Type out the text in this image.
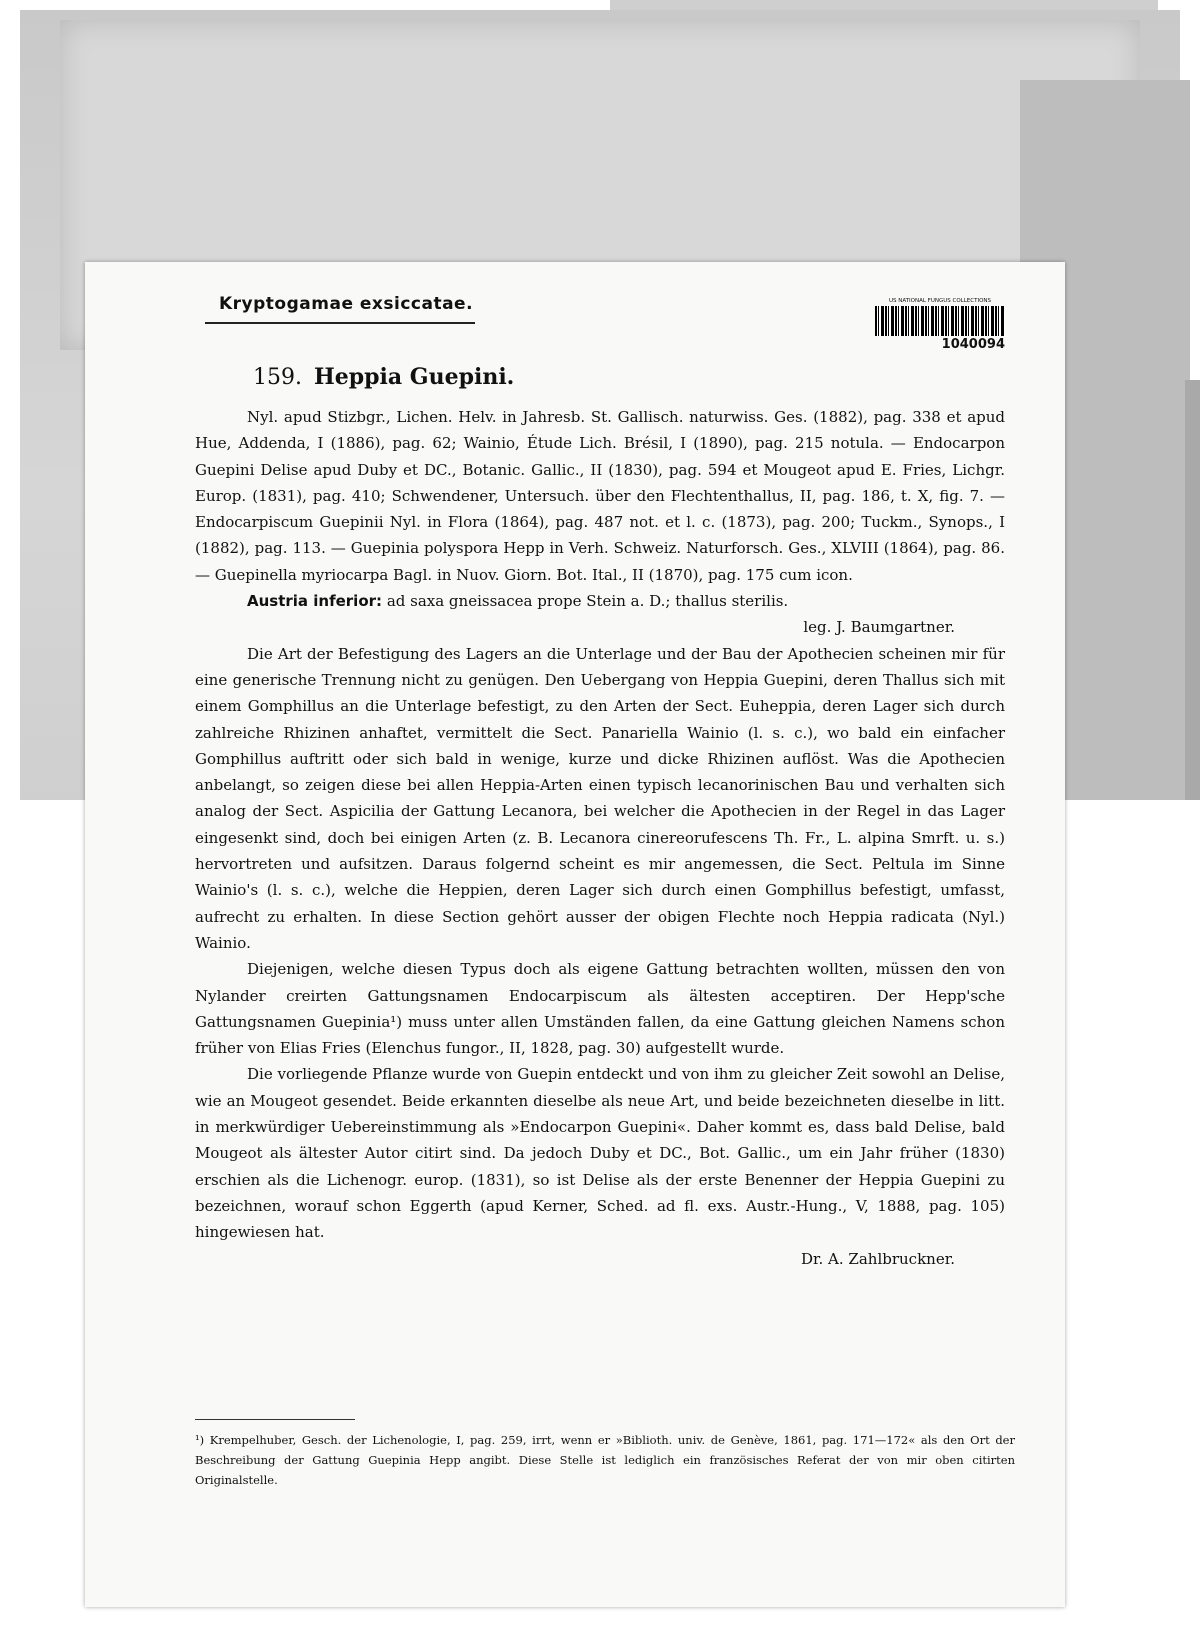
Kryptogamae exsiccatae.	US NATIONAL FUNGUS COLLECTIONS
1040094
159. Heppia Guepini.

Nyl. apud Stizbgr., Lichen. Helv. in Jahresb. St. Gallisch. naturwiss. Ges. (1882), pag. 338 et apud Hue, Addenda, I (1886), pag. 62; Wainio, Étude Lich. Brésil, I (1890), pag. 215 notula. — Endocarpon Guepini Delise apud Duby et DC., Botanic. Gallic., II (1830), pag. 594 et Mougeot apud E. Fries, Lichgr. Europ. (1831), pag. 410; Schwendener, Untersuch. über den Flechtenthallus, II, pag. 186, t. X, fig. 7. — Endocarpiscum Guepinii Nyl. in Flora (1864), pag. 487 not. et l. c. (1873), pag. 200; Tuckm., Synops., I (1882), pag. 113. — Guepinia polyspora Hepp in Verh. Schweiz. Naturforsch. Ges., XLVIII (1864), pag. 86. — Guepinella myriocarpa Bagl. in Nuov. Giorn. Bot. Ital., II (1870), pag. 175 cum icon.

Austria inferior: ad saxa gneissacea prope Stein a. D.; thallus sterilis.

leg. J. Baumgartner.

Die Art der Befestigung des Lagers an die Unterlage und der Bau der Apothecien scheinen mir für eine generische Trennung nicht zu genügen. Den Uebergang von Heppia Guepini, deren Thallus sich mit einem Gomphillus an die Unterlage befestigt, zu den Arten der Sect. Euheppia, deren Lager sich durch zahlreiche Rhizinen anhaftet, vermittelt die Sect. Panariella Wainio (l. s. c.), wo bald ein einfacher Gomphillus auftritt oder sich bald in wenige, kurze und dicke Rhizinen auflöst. Was die Apothecien anbelangt, so zeigen diese bei allen Heppia-Arten einen typisch lecanorinischen Bau und verhalten sich analog der Sect. Aspicilia der Gattung Lecanora, bei welcher die Apothecien in der Regel in das Lager eingesenkt sind, doch bei einigen Arten (z. B. Lecanora cinereorufescens Th. Fr., L. alpina Smrft. u. s.) hervortreten und aufsitzen. Daraus folgernd scheint es mir angemessen, die Sect. Peltula im Sinne Wainio's (l. s. c.), welche die Heppien, deren Lager sich durch einen Gomphillus befestigt, umfasst, aufrecht zu erhalten. In diese Section gehört ausser der obigen Flechte noch Heppia radicata (Nyl.) Wainio.

Diejenigen, welche diesen Typus doch als eigene Gattung betrachten wollten, müssen den von Nylander creirten Gattungsnamen Endocarpiscum als ältesten acceptiren. Der Hepp'sche Gattungsnamen Guepinia¹) muss unter allen Umständen fallen, da eine Gattung gleichen Namens schon früher von Elias Fries (Elenchus fungor., II, 1828, pag. 30) aufgestellt wurde.

Die vorliegende Pflanze wurde von Guepin entdeckt und von ihm zu gleicher Zeit sowohl an Delise, wie an Mougeot gesendet. Beide erkannten dieselbe als neue Art, und beide bezeichneten dieselbe in litt. in merkwürdiger Uebereinstimmung als »Endocarpon Guepini«. Daher kommt es, dass bald Delise, bald Mougeot als ältester Autor citirt sind. Da jedoch Duby et DC., Bot. Gallic., um ein Jahr früher (1830) erschien als die Lichenogr. europ. (1831), so ist Delise als der erste Benenner der Heppia Guepini zu bezeichnen, worauf schon Eggerth (apud Kerner, Sched. ad fl. exs. Austr.-Hung., V, 1888, pag. 105) hingewiesen hat.

Dr. A. Zahlbruckner.

¹) Krempelhuber, Gesch. der Lichenologie, I, pag. 259, irrt, wenn er »Biblioth. univ. de Genève, 1861, pag. 171—172« als den Ort der Beschreibung der Gattung Guepinia Hepp angibt. Diese Stelle ist lediglich ein französisches Referat der von mir oben citirten Originalstelle.
